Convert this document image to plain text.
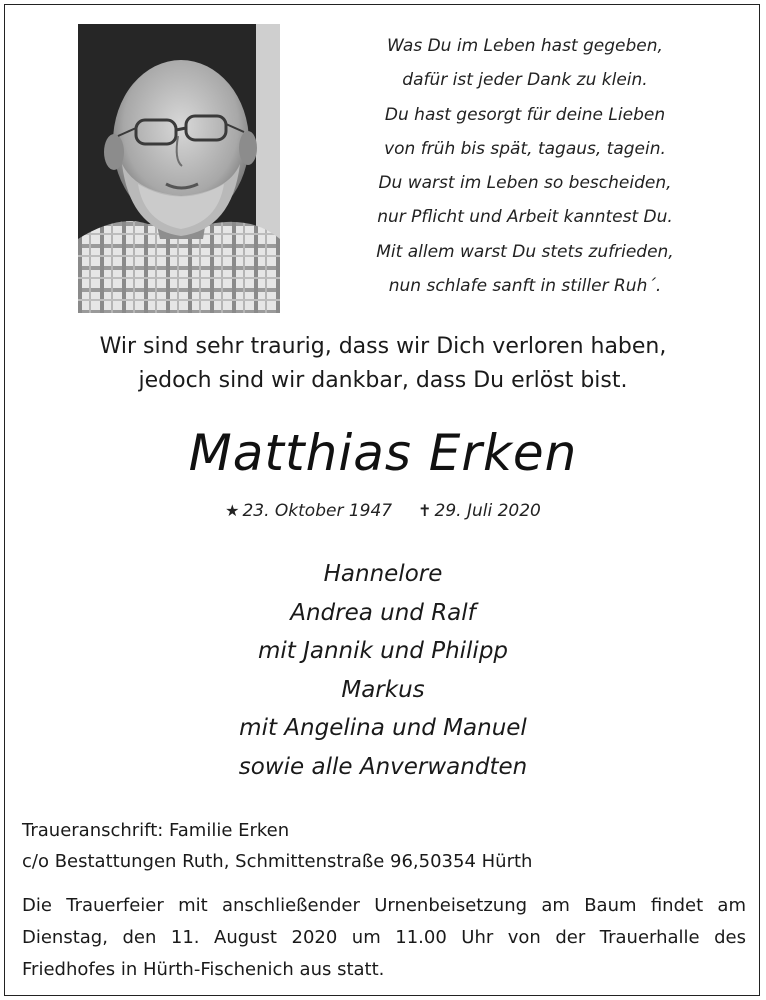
Was Du im Leben hast gegeben,
dafür ist jeder Dank zu klein.
Du hast gesorgt für deine Lieben
von früh bis spät, tagaus, tagein.
Du warst im Leben so bescheiden,
nur Pflicht und Arbeit kanntest Du.
Mit allem warst Du stets zufrieden,
nun schlafe sanft in stiller Ruh´.
Wir sind sehr traurig, dass wir Dich verloren haben,
jedoch sind wir dankbar, dass Du erlöst bist.
Matthias Erken
★ 23. Oktober 1947 ✝ 29. Juli 2020
Hannelore
Andrea und Ralf
mit Jannik und Philipp
Markus
mit Angelina und Manuel
sowie alle Anverwandten
Traueranschrift: Familie Erken
c/o Bestattungen Ruth, Schmittenstraße 96,50354 Hürth
Die Trauerfeier mit anschließender Urnenbeisetzung am Baum findet am Dienstag, den 11. August 2020 um 11.00 Uhr von der Trauerhalle des Friedhofes in Hürth-Fischenich aus statt.
